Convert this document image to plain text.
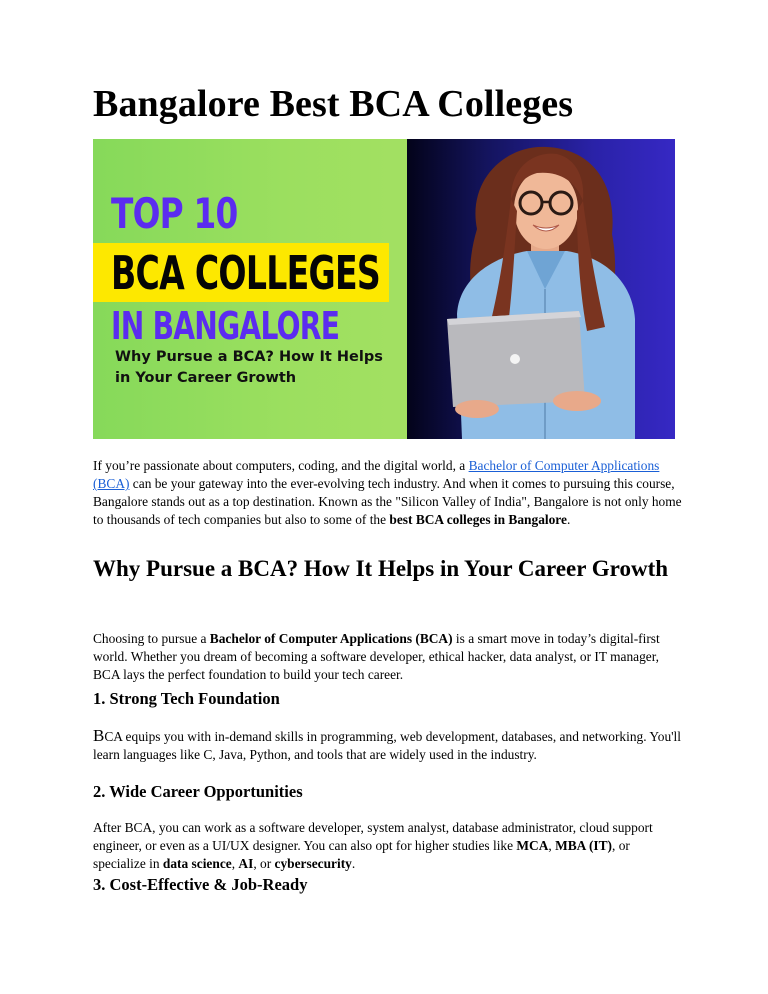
Bangalore Best BCA Colleges
TOP 10
BCA COLLEGES
IN BANGALORE
Why Pursue a BCA? How It Helps in Your Career Growth

If you’re passionate about computers, coding, and the digital world, a Bachelor of Computer Applications (BCA) can be your gateway into the ever-evolving tech industry. And when it comes to pursuing this course, Bangalore stands out as a top destination. Known as the "Silicon Valley of India", Bangalore is not only home to thousands of tech companies but also to some of the best BCA colleges in Bangalore.

Why Pursue a BCA? How It Helps in Your Career Growth

Choosing to pursue a Bachelor of Computer Applications (BCA) is a smart move in today’s digital-first world. Whether you dream of becoming a software developer, ethical hacker, data analyst, or IT manager, BCA lays the perfect foundation to build your tech career.

1. Strong Tech Foundation

BCA equips you with in-demand skills in programming, web development, databases, and networking. You'll learn languages like C, Java, Python, and tools that are widely used in the industry.

2. Wide Career Opportunities

After BCA, you can work as a software developer, system analyst, database administrator, cloud support engineer, or even as a UI/UX designer. You can also opt for higher studies like MCA, MBA (IT), or specialize in data science, AI, or cybersecurity.

3. Cost-Effective & Job-Ready
